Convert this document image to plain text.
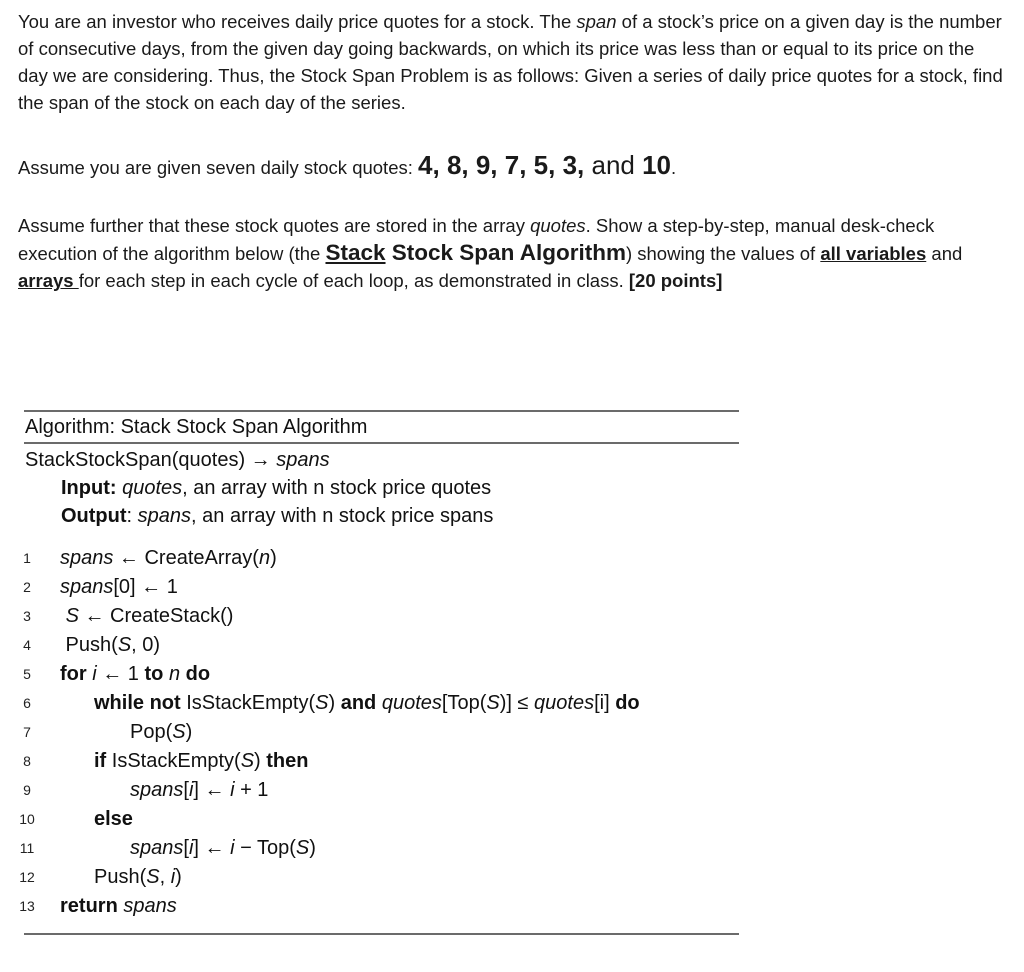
You are an investor who receives daily price quotes for a stock. The span of a stock’s price on a given day is the number of consecutive days, from the given day going backwards, on which its price was less than or equal to its price on the day we are considering. Thus, the Stock Span Problem is as follows: Given a series of daily price quotes for a stock, find the span of the stock on each day of the series.
Assume you are given seven daily stock quotes: 4, 8, 9, 7, 5, 3, and 10.
Assume further that these stock quotes are stored in the array quotes. Show a step-by-step, manual desk-check execution of the algorithm below (the Stack Stock Span Algorithm) showing the values of all variables and arrays for each step in each cycle of each loop, as demonstrated in class. [20 points]
Algorithm: Stack Stock Span Algorithm
StackStockSpan(quotes) → spans
Input: quotes, an array with n stock price quotes
Output: spans, an array with n stock price spans
1	spans ← CreateArray(n)
2	spans[0] ← 1
3	S ← CreateStack()
4	Push(S, 0)
5	for i ← 1 to n do
6	while not IsStackEmpty(S) and quotes[Top(S)] ≤ quotes[i] do
7	Pop(S)
8	if IsStackEmpty(S) then
9	spans[i] ← i + 1
10	else
11	spans[i] ← i − Top(S)
12	Push(S, i)
13 return spans
